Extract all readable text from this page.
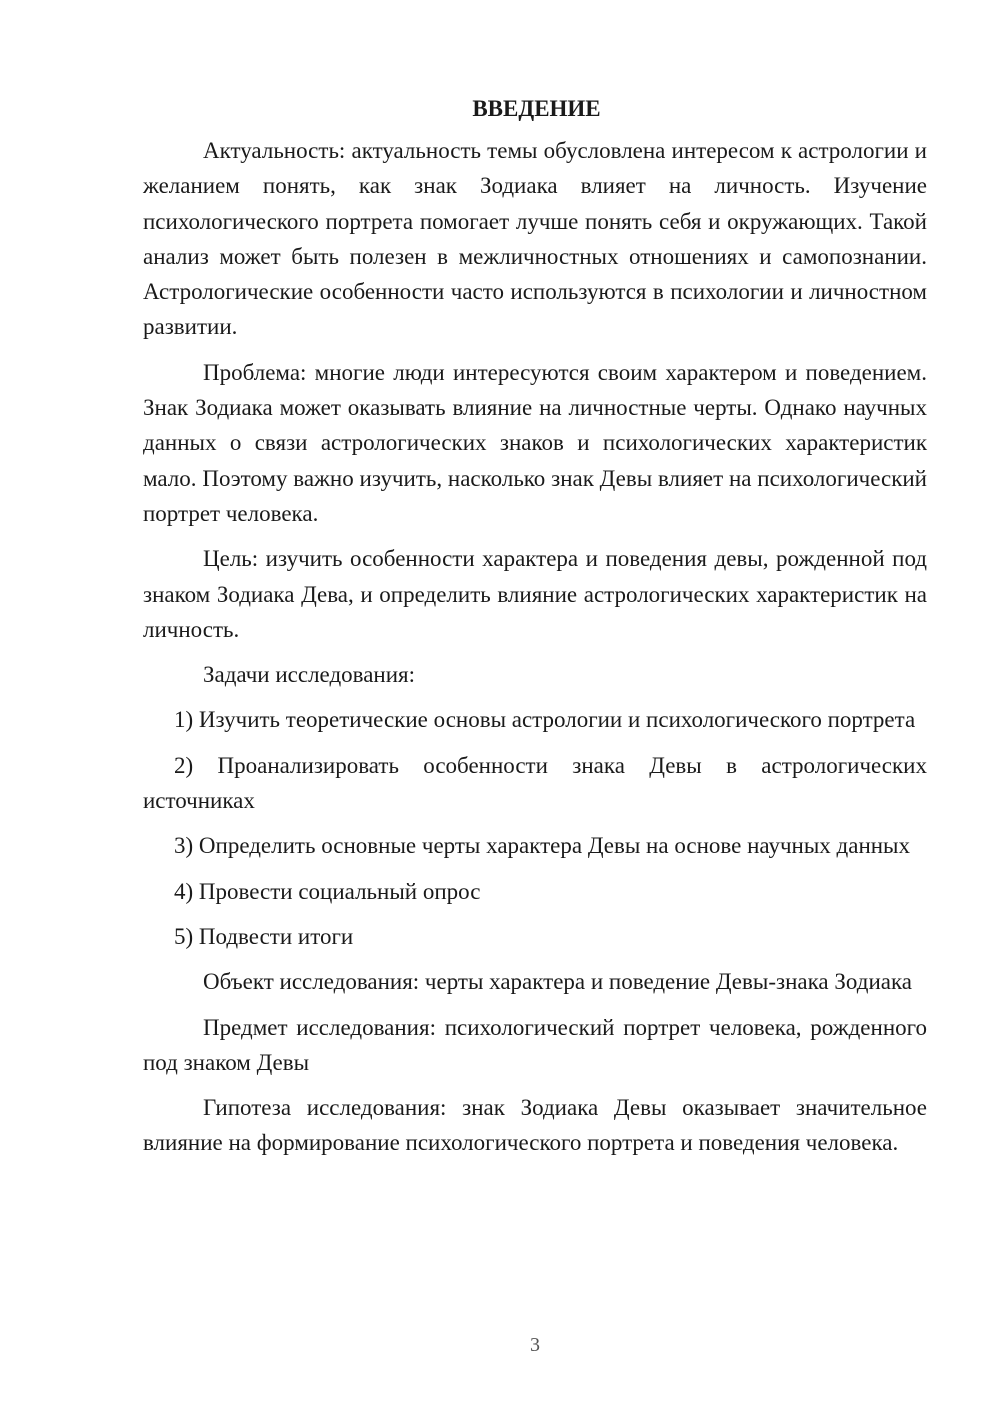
ВВЕДЕНИЕ

Актуальность: актуальность темы обусловлена интересом к астрологии и желанием понять, как знак Зодиака влияет на личность. Изучение психологического портрета помогает лучше понять себя и окружающих. Такой анализ может быть полезен в межличностных отношениях и самопознании. Астрологические особенности часто используются в психологии и личностном развитии.

Проблема: многие люди интересуются своим характером и поведением. Знак Зодиака может оказывать влияние на личностные черты. Однако научных данных о связи астрологических знаков и психологических характеристик мало. Поэтому важно изучить, насколько знак Девы влияет на психологический портрет человека.

Цель: изучить особенности характера и поведения девы, рожденной под знаком Зодиака Дева, и определить влияние астрологических характеристик на личность.

Задачи исследования:

1) Изучить теоретические основы астрологии и психологического портрета

2) Проанализировать особенности знака Девы в астрологических источниках

3) Определить основные черты характера Девы на основе научных данных

4) Провести социальный опрос

5) Подвести итоги

Объект исследования: черты характера и поведение Девы-знака Зодиака

Предмет исследования: психологический портрет человека, рожденного под знаком Девы

Гипотеза исследования: знак Зодиака Девы оказывает значительное влияние на формирование психологического портрета и поведения человека.

3
